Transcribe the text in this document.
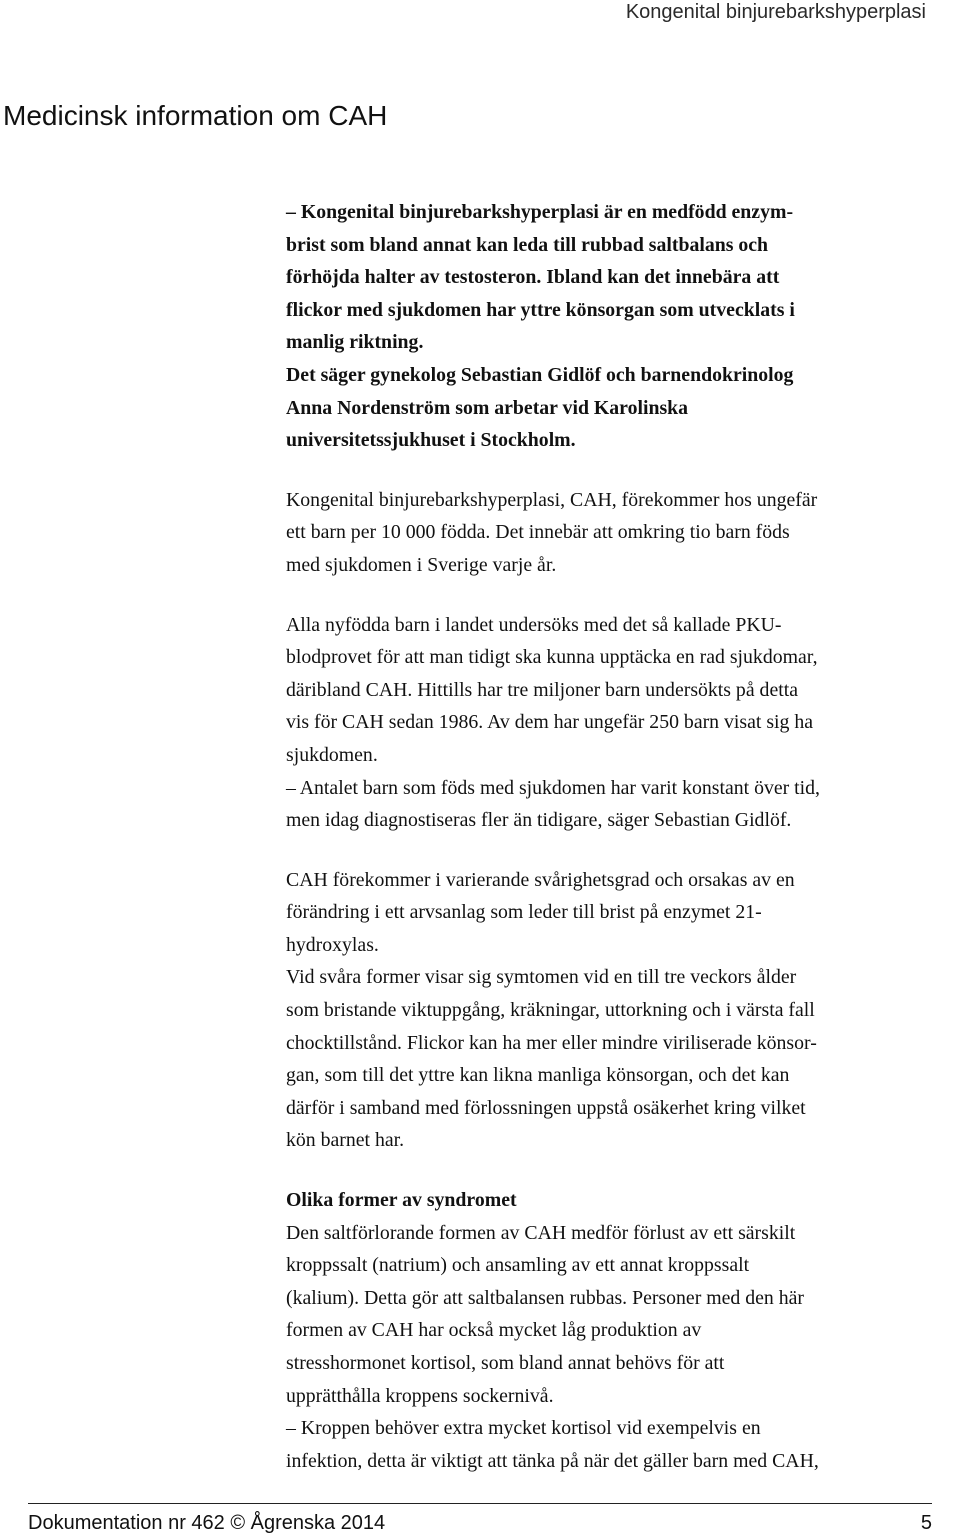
Kongenital binjurebarkshyperplasi
Medicinsk information om CAH

– Kongenital binjurebarkshyperplasi är en medfödd enzym-
brist som bland annat kan leda till rubbad saltbalans och
förhöjda halter av testosteron. Ibland kan det innebära att
flickor med sjukdomen har yttre könsorgan som utvecklats i
manlig riktning.
Det säger gynekolog Sebastian Gidlöf och barnendokrinolog
Anna Nordenström som arbetar vid Karolinska
universitetssjukhuset i Stockholm.

Kongenital binjurebarkshyperplasi, CAH, förekommer hos ungefär
ett barn per 10 000 födda. Det innebär att omkring tio barn föds
med sjukdomen i Sverige varje år.

Alla nyfödda barn i landet undersöks med det så kallade PKU-
blodprovet för att man tidigt ska kunna upptäcka en rad sjukdomar,
däribland CAH. Hittills har tre miljoner barn undersökts på detta
vis för CAH sedan 1986. Av dem har ungefär 250 barn visat sig ha
sjukdomen.
– Antalet barn som föds med sjukdomen har varit konstant över tid,
men idag diagnostiseras fler än tidigare, säger Sebastian Gidlöf.

CAH förekommer i varierande svårighetsgrad och orsakas av en
förändring i ett arvsanlag som leder till brist på enzymet 21-
hydroxylas.
Vid svåra former visar sig symtomen vid en till tre veckors ålder
som bristande viktuppgång, kräkningar, uttorkning och i värsta fall
chocktillstånd. Flickor kan ha mer eller mindre viriliserade könsor-
gan, som till det yttre kan likna manliga könsorgan, och det kan
därför i samband med förlossningen uppstå osäkerhet kring vilket
kön barnet har.

Olika former av syndromet
Den saltförlorande formen av CAH medför förlust av ett särskilt
kroppssalt (natrium) och ansamling av ett annat kroppssalt
(kalium). Detta gör att saltbalansen rubbas. Personer med den här
formen av CAH har också mycket låg produktion av
stresshormonet kortisol, som bland annat behövs för att
upprätthålla kroppens sockernivå.
– Kroppen behöver extra mycket kortisol vid exempelvis en
infektion, detta är viktigt att tänka på när det gäller barn med CAH,

Dokumentation nr 462 © Ågrenska 2014	5
